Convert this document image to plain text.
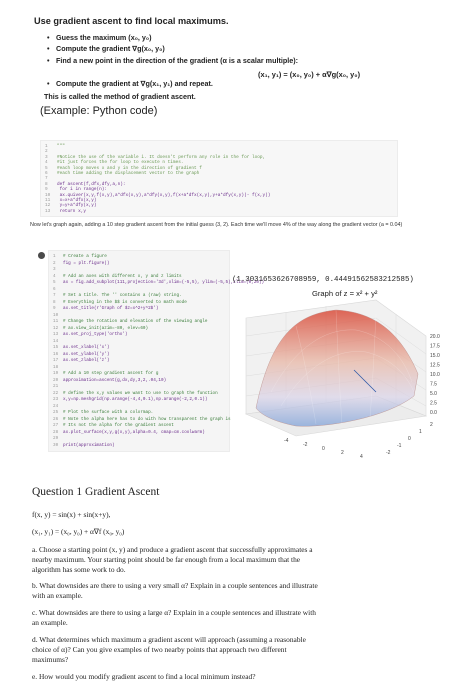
Use gradient ascent to find local maximums.
• Guess the maximum (x₀, y₀)
• Compute the gradient ∇g(x₀, y₀)
• Find a new point in the direction of the gradient (α is a scalar multiple):
(x₁, y₁) = (x₀, y₀) + α∇g(x₀, y₀)
• Compute the gradient at ∇g(x₁, y₁) and repeat.
This is called the method of gradient ascent.
(Example: Python code)
1 """
2
3 #Notice the use of the variable i. It doesn't perform any role in the for loop,
4 #it just forces the for loop to execute n times.
5 #each loop moves x and y in the direction of gradient f
6 #each time adding the displacement vector to the graph
7
8 def ascent(f,dfx,dfy,a,n):
9 for i in range(n):
10 ax.quiver(x,y,f(x,y),a*dfx(x,y),a*dfy(x,y),f(x+a*dfx(x,y),y+a*dfy(x,y))- f(x,y))
11 x=x+a*dfx(x,y)
12 y=y+a*dfy(x,y)
13 return x,y
Now let's graph again, adding a 10 step gradient ascent from the initial guess (3, 2). Each time we'll move 4% of the way along the gradient vector (a = 0.04)
1 # Create a figure
2 fig = plt.figure()
3
4 # Add an axes with different x, y and z limits
5 ax = fig.add_subplot(111,projection='3d',xlim=(-5,5), ylim=(-5,5),zlim=(0,20))
6
7 # Set a title. The '' contains a (raw) string.
8 # Everything in the $$ is converted to math mode
9 ax.set_title(r'Graph of $z=x^2+y^2$')
10
11 # Change the rotation and elevation of the viewing angle
12 # ax.view_init(azim=-80, elev=60)
13 ax.set_proj_type('ortho')
14
15 ax.set_xlabel('x')
16 ax.set_ylabel('y')
17 ax.set_zlabel('z')
18
19 # Add a 10 step gradient ascent for g
20 approximation=ascent(g,dx,dy,3,2,.04,10)
21
22 # define the x,y values we want to use to graph the function
23 x,y=np.meshgrid(np.arange(-4,4,0.1),np.arange(-2,2,0.1))
24
25 # Plot the surface with a colormap.
26 # Note the alpha here has to do with how transparent the graph is
27 # Its not the alpha for the gradient ascent
28 ax.plot_surface(x,y,g(x,y),alpha=0.4, cmap=cm.coolwarm)
29
30 print(approximation)
(1.3031653626708959, 0.44491562583212585)
Graph of z = x² + y²
20.0
17.5
15.0
12.5
10.0
7.5
5.0
2.5
0.0
-4
-2
0
2
4
-2
-1
0
1
2
Question 1 Gradient Ascent
f(x, y) = sin(x) + sin(x+y),
(x₁, y₁) = (x₀, y₀) + α∇f (x₀, y₀)
a. Choose a starting point (x, y) and produce a gradient ascent that successfully approximates a nearby maximum. Your starting point should be far enough from a local maximum that the algorithm has some work to do.
b. What downsides are there to using a very small α? Explain in a couple sentences and illustrate with an example.
c. What downsides are there to using a large α? Explain in a couple sentences and illustrate with an example.
d. What determines which maximum a gradient ascent will approach (assuming a reasonable choice of α)? Can you give examples of two nearby points that approach two different maximums?
e. How would you modify gradient ascent to find a local minimum instead?
